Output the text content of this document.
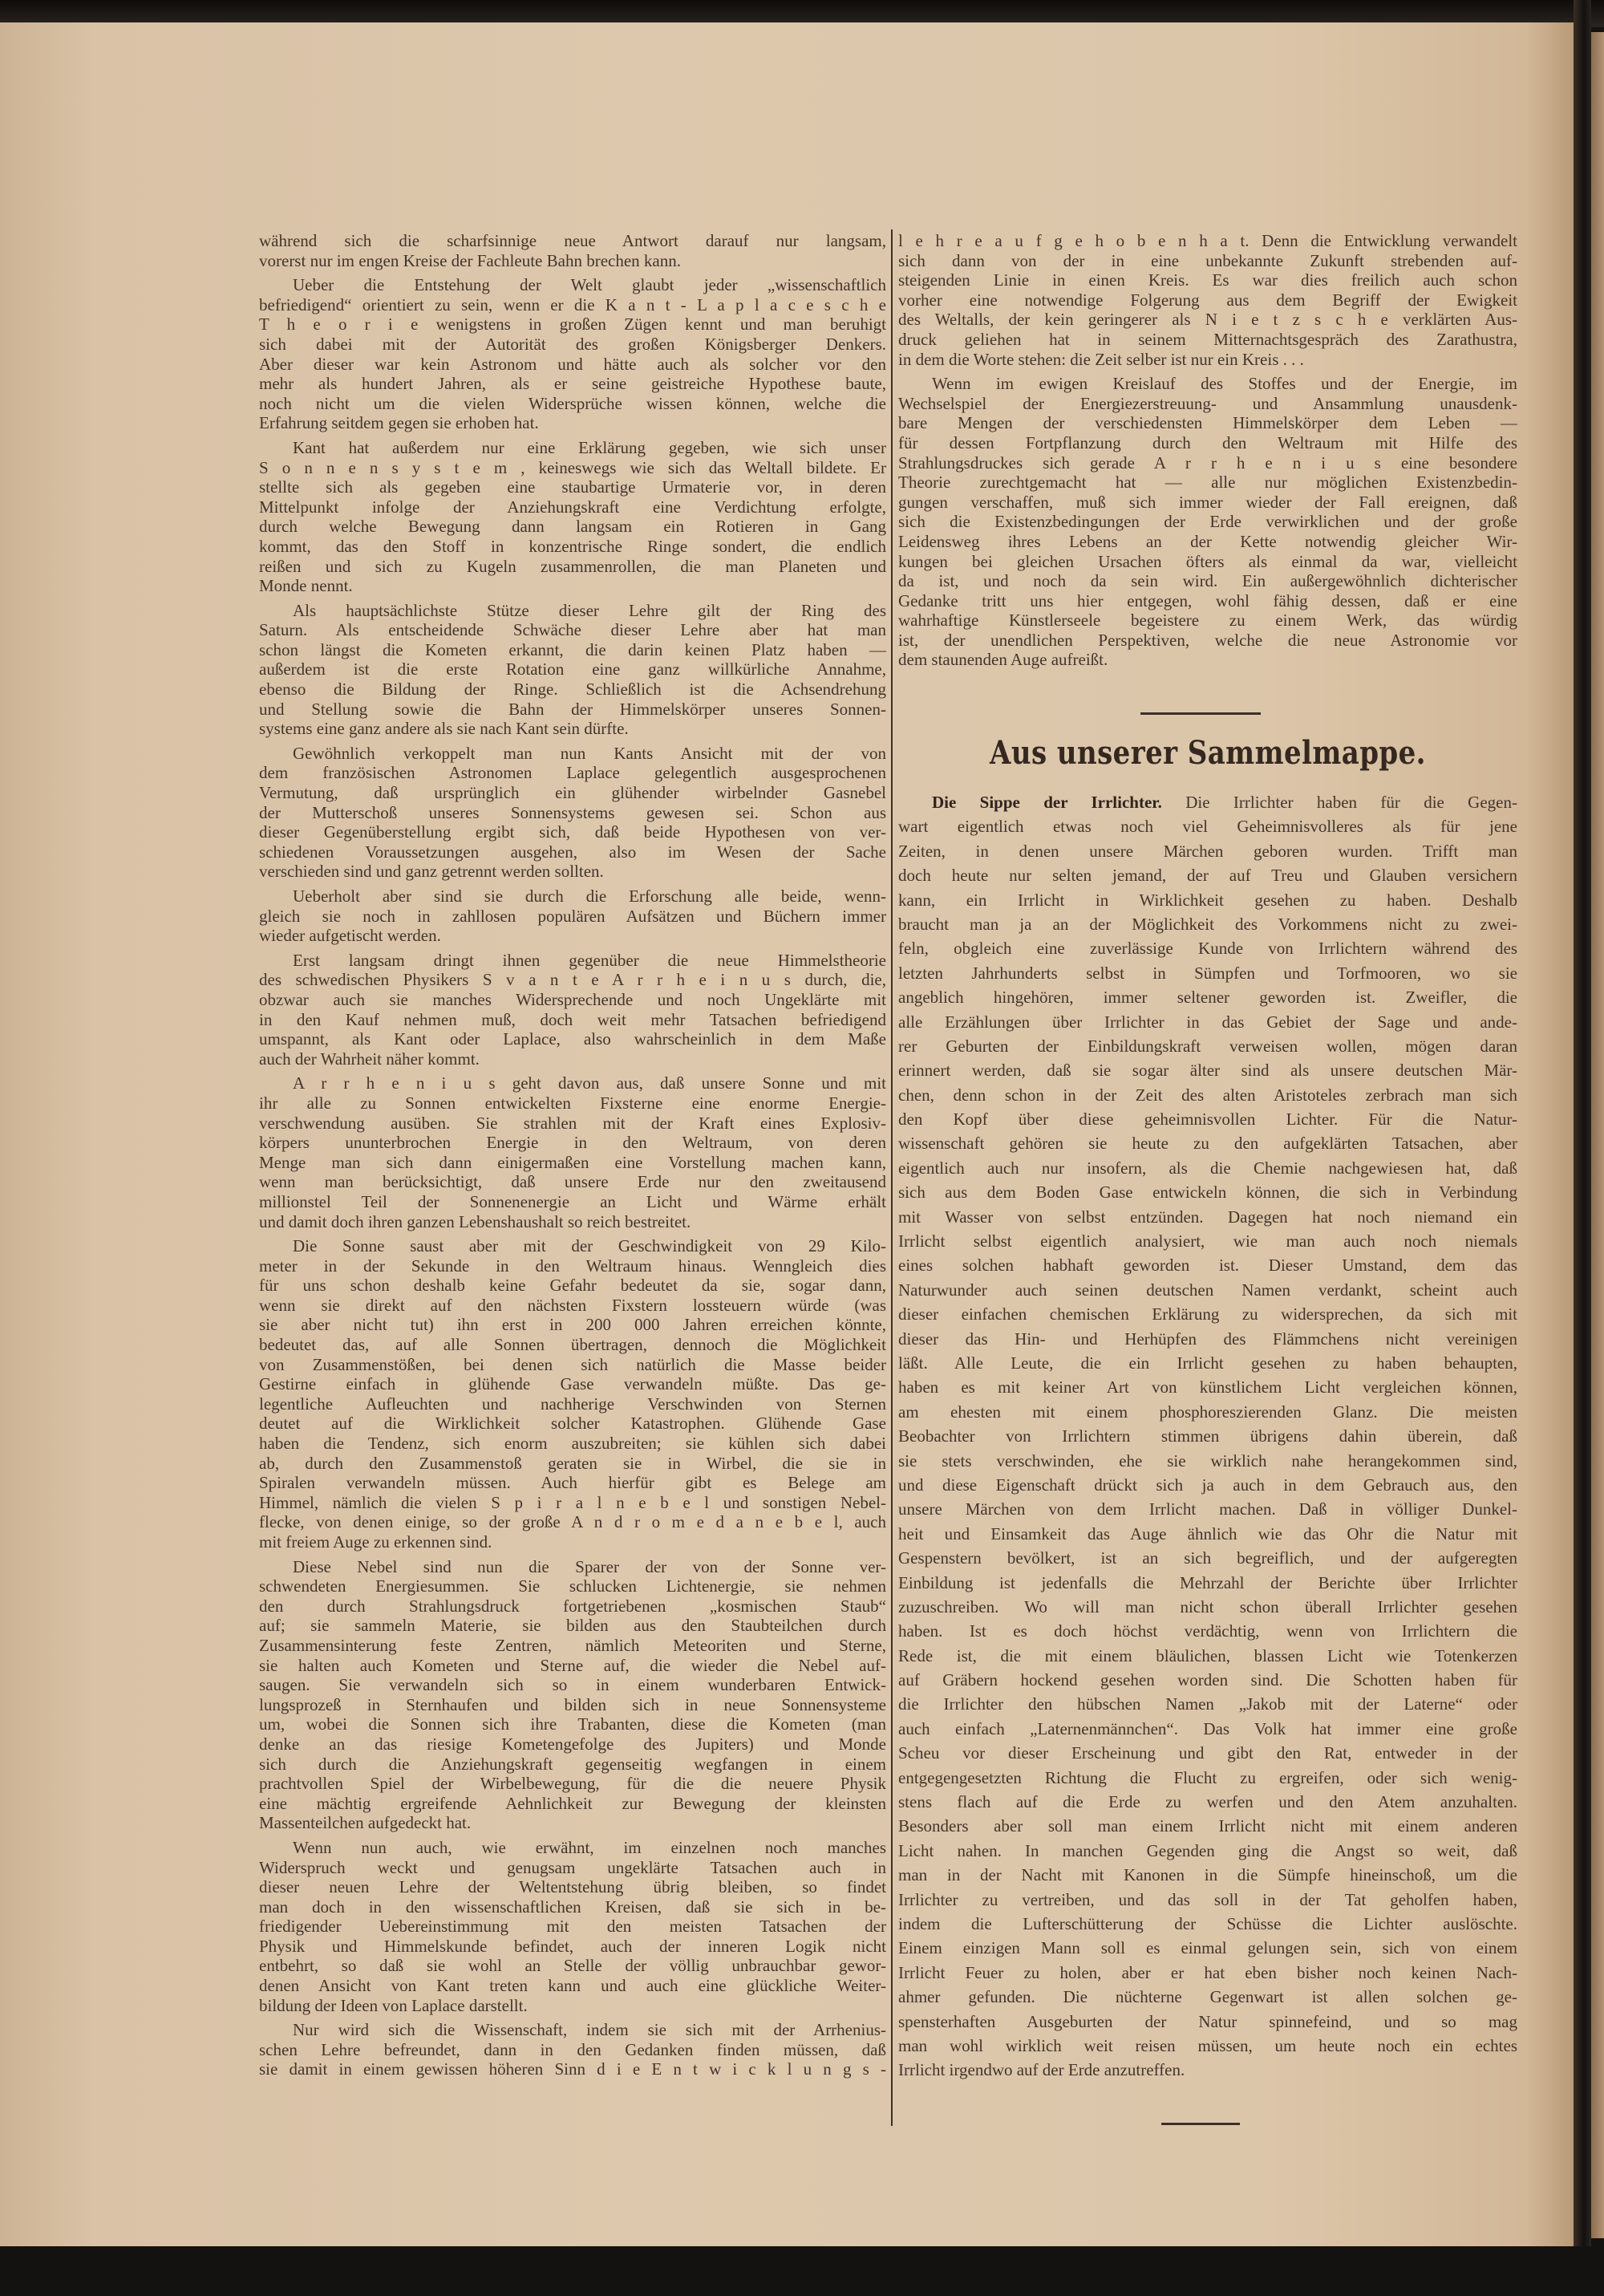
während sich die scharfsinnige neue Antwort darauf nur langsam,
vorerst nur im engen Kreise der Fachleute Bahn brechen kann.
Ueber die Entstehung der Welt glaubt jeder „wissenschaftlich
befriedigend“ orientiert zu sein, wenn er die K a n t - L a p l a c e s c h e
T h e o r i e wenigstens in großen Zügen kennt und man beruhigt
sich dabei mit der Autorität des großen Königsberger Denkers.
Aber dieser war kein Astronom und hätte auch als solcher vor den
mehr als hundert Jahren, als er seine geistreiche Hypothese baute,
noch nicht um die vielen Widersprüche wissen können, welche die
Erfahrung seitdem gegen sie erhoben hat.
Kant hat außerdem nur eine Erklärung gegeben, wie sich unser
S o n n e n s y s t e m , keineswegs wie sich das Weltall bildete. Er
stellte sich als gegeben eine staubartige Urmaterie vor, in deren
Mittelpunkt infolge der Anziehungskraft eine Verdichtung erfolgte,
durch welche Bewegung dann langsam ein Rotieren in Gang
kommt, das den Stoff in konzentrische Ringe sondert, die endlich
reißen und sich zu Kugeln zusammenrollen, die man Planeten und
Monde nennt.
Als hauptsächlichste Stütze dieser Lehre gilt der Ring des
Saturn. Als entscheidende Schwäche dieser Lehre aber hat man
schon längst die Kometen erkannt, die darin keinen Platz haben —
außerdem ist die erste Rotation eine ganz willkürliche Annahme,
ebenso die Bildung der Ringe. Schließlich ist die Achsendrehung
und Stellung sowie die Bahn der Himmelskörper unseres Sonnen-
systems eine ganz andere als sie nach Kant sein dürfte.
Gewöhnlich verkoppelt man nun Kants Ansicht mit der von
dem französischen Astronomen Laplace gelegentlich ausgesprochenen
Vermutung, daß ursprünglich ein glühender wirbelnder Gasnebel
der Mutterschoß unseres Sonnensystems gewesen sei. Schon aus
dieser Gegenüberstellung ergibt sich, daß beide Hypothesen von ver-
schiedenen Voraussetzungen ausgehen, also im Wesen der Sache
verschieden sind und ganz getrennt werden sollten.
Ueberholt aber sind sie durch die Erforschung alle beide, wenn-
gleich sie noch in zahllosen populären Aufsätzen und Büchern immer
wieder aufgetischt werden.
Erst langsam dringt ihnen gegenüber die neue Himmelstheorie
des schwedischen Physikers S v a n t e A r r h e i n u s durch, die,
obzwar auch sie manches Widersprechende und noch Ungeklärte mit
in den Kauf nehmen muß, doch weit mehr Tatsachen befriedigend
umspannt, als Kant oder Laplace, also wahrscheinlich in dem Maße
auch der Wahrheit näher kommt.
A r r h e n i u s geht davon aus, daß unsere Sonne und mit
ihr alle zu Sonnen entwickelten Fixsterne eine enorme Energie-
verschwendung ausüben. Sie strahlen mit der Kraft eines Explosiv-
körpers ununterbrochen Energie in den Weltraum, von deren
Menge man sich dann einigermaßen eine Vorstellung machen kann,
wenn man berücksichtigt, daß unsere Erde nur den zweitausend
millionstel Teil der Sonnenenergie an Licht und Wärme erhält
und damit doch ihren ganzen Lebenshaushalt so reich bestreitet.
Die Sonne saust aber mit der Geschwindigkeit von 29 Kilo-
meter in der Sekunde in den Weltraum hinaus. Wenngleich dies
für uns schon deshalb keine Gefahr bedeutet da sie, sogar dann,
wenn sie direkt auf den nächsten Fixstern lossteuern würde (was
sie aber nicht tut) ihn erst in 200 000 Jahren erreichen könnte,
bedeutet das, auf alle Sonnen übertragen, dennoch die Möglichkeit
von Zusammenstößen, bei denen sich natürlich die Masse beider
Gestirne einfach in glühende Gase verwandeln müßte. Das ge-
legentliche Aufleuchten und nachherige Verschwinden von Sternen
deutet auf die Wirklichkeit solcher Katastrophen. Glühende Gase
haben die Tendenz, sich enorm auszubreiten; sie kühlen sich dabei
ab, durch den Zusammenstoß geraten sie in Wirbel, die sie in
Spiralen verwandeln müssen. Auch hierfür gibt es Belege am
Himmel, nämlich die vielen S p i r a l n e b e l und sonstigen Nebel-
flecke, von denen einige, so der große A n d r o m e d a n e b e l, auch
mit freiem Auge zu erkennen sind.
Diese Nebel sind nun die Sparer der von der Sonne ver-
schwendeten Energiesummen. Sie schlucken Lichtenergie, sie nehmen
den durch Strahlungsdruck fortgetriebenen „kosmischen Staub“
auf; sie sammeln Materie, sie bilden aus den Staubteilchen durch
Zusammensinterung feste Zentren, nämlich Meteoriten und Sterne,
sie halten auch Kometen und Sterne auf, die wieder die Nebel auf-
saugen. Sie verwandeln sich so in einem wunderbaren Entwick-
lungsprozeß in Sternhaufen und bilden sich in neue Sonnensysteme
um, wobei die Sonnen sich ihre Trabanten, diese die Kometen (man
denke an das riesige Kometengefolge des Jupiters) und Monde
sich durch die Anziehungskraft gegenseitig wegfangen in einem
prachtvollen Spiel der Wirbelbewegung, für die die neuere Physik
eine mächtig ergreifende Aehnlichkeit zur Bewegung der kleinsten
Massenteilchen aufgedeckt hat.
Wenn nun auch, wie erwähnt, im einzelnen noch manches
Widerspruch weckt und genugsam ungeklärte Tatsachen auch in
dieser neuen Lehre der Weltentstehung übrig bleiben, so findet
man doch in den wissenschaftlichen Kreisen, daß sie sich in be-
friedigender Uebereinstimmung mit den meisten Tatsachen der
Physik und Himmelskunde befindet, auch der inneren Logik nicht
entbehrt, so daß sie wohl an Stelle der völlig unbrauchbar gewor-
denen Ansicht von Kant treten kann und auch eine glückliche Weiter-
bildung der Ideen von Laplace darstellt.
Nur wird sich die Wissenschaft, indem sie sich mit der Arrhenius-
schen Lehre befreundet, dann in den Gedanken finden müssen, daß
sie damit in einem gewissen höheren Sinn d i e E n t w i c k l u n g s -
l e h r e a u f g e h o b e n h a t. Denn die Entwicklung verwandelt
sich dann von der in eine unbekannte Zukunft strebenden auf-
steigenden Linie in einen Kreis. Es war dies freilich auch schon
vorher eine notwendige Folgerung aus dem Begriff der Ewigkeit
des Weltalls, der kein geringerer als N i e t z s c h e verklärten Aus-
druck geliehen hat in seinem Mitternachtsgespräch des Zarathustra,
in dem die Worte stehen: die Zeit selber ist nur ein Kreis . . .
Wenn im ewigen Kreislauf des Stoffes und der Energie, im
Wechselspiel der Energiezerstreuung- und Ansammlung unausdenk-
bare Mengen der verschiedensten Himmelskörper dem Leben —
für dessen Fortpflanzung durch den Weltraum mit Hilfe des
Strahlungsdruckes sich gerade A r r h e n i u s eine besondere
Theorie zurechtgemacht hat — alle nur möglichen Existenzbedin-
gungen verschaffen, muß sich immer wieder der Fall ereignen, daß
sich die Existenzbedingungen der Erde verwirklichen und der große
Leidensweg ihres Lebens an der Kette notwendig gleicher Wir-
kungen bei gleichen Ursachen öfters als einmal da war, vielleicht
da ist, und noch da sein wird. Ein außergewöhnlich dichterischer
Gedanke tritt uns hier entgegen, wohl fähig dessen, daß er eine
wahrhaftige Künstlerseele begeistere zu einem Werk, das würdig
ist, der unendlichen Perspektiven, welche die neue Astronomie vor
dem staunenden Auge aufreißt.
Aus unserer Sammelmappe.
Die Sippe der Irrlichter. Die Irrlichter haben für die Gegen-
wart eigentlich etwas noch viel Geheimnisvolleres als für jene
Zeiten, in denen unsere Märchen geboren wurden. Trifft man
doch heute nur selten jemand, der auf Treu und Glauben versichern
kann, ein Irrlicht in Wirklichkeit gesehen zu haben. Deshalb
braucht man ja an der Möglichkeit des Vorkommens nicht zu zwei-
feln, obgleich eine zuverlässige Kunde von Irrlichtern während des
letzten Jahrhunderts selbst in Sümpfen und Torfmooren, wo sie
angeblich hingehören, immer seltener geworden ist. Zweifler, die
alle Erzählungen über Irrlichter in das Gebiet der Sage und ande-
rer Geburten der Einbildungskraft verweisen wollen, mögen daran
erinnert werden, daß sie sogar älter sind als unsere deutschen Mär-
chen, denn schon in der Zeit des alten Aristoteles zerbrach man sich
den Kopf über diese geheimnisvollen Lichter. Für die Natur-
wissenschaft gehören sie heute zu den aufgeklärten Tatsachen, aber
eigentlich auch nur insofern, als die Chemie nachgewiesen hat, daß
sich aus dem Boden Gase entwickeln können, die sich in Verbindung
mit Wasser von selbst entzünden. Dagegen hat noch niemand ein
Irrlicht selbst eigentlich analysiert, wie man auch noch niemals
eines solchen habhaft geworden ist. Dieser Umstand, dem das
Naturwunder auch seinen deutschen Namen verdankt, scheint auch
dieser einfachen chemischen Erklärung zu widersprechen, da sich mit
dieser das Hin- und Herhüpfen des Flämmchens nicht vereinigen
läßt. Alle Leute, die ein Irrlicht gesehen zu haben behaupten,
haben es mit keiner Art von künstlichem Licht vergleichen können,
am ehesten mit einem phosphoreszierenden Glanz. Die meisten
Beobachter von Irrlichtern stimmen übrigens dahin überein, daß
sie stets verschwinden, ehe sie wirklich nahe herangekommen sind,
und diese Eigenschaft drückt sich ja auch in dem Gebrauch aus, den
unsere Märchen von dem Irrlicht machen. Daß in völliger Dunkel-
heit und Einsamkeit das Auge ähnlich wie das Ohr die Natur mit
Gespenstern bevölkert, ist an sich begreiflich, und der aufgeregten
Einbildung ist jedenfalls die Mehrzahl der Berichte über Irrlichter
zuzuschreiben. Wo will man nicht schon überall Irrlichter gesehen
haben. Ist es doch höchst verdächtig, wenn von Irrlichtern die
Rede ist, die mit einem bläulichen, blassen Licht wie Totenkerzen
auf Gräbern hockend gesehen worden sind. Die Schotten haben für
die Irrlichter den hübschen Namen „Jakob mit der Laterne“ oder
auch einfach „Laternenmännchen“. Das Volk hat immer eine große
Scheu vor dieser Erscheinung und gibt den Rat, entweder in der
entgegengesetzten Richtung die Flucht zu ergreifen, oder sich wenig-
stens flach auf die Erde zu werfen und den Atem anzuhalten.
Besonders aber soll man einem Irrlicht nicht mit einem anderen
Licht nahen. In manchen Gegenden ging die Angst so weit, daß
man in der Nacht mit Kanonen in die Sümpfe hineinschoß, um die
Irrlichter zu vertreiben, und das soll in der Tat geholfen haben,
indem die Lufterschütterung der Schüsse die Lichter auslöschte.
Einem einzigen Mann soll es einmal gelungen sein, sich von einem
Irrlicht Feuer zu holen, aber er hat eben bisher noch keinen Nach-
ahmer gefunden. Die nüchterne Gegenwart ist allen solchen ge-
spensterhaften Ausgeburten der Natur spinnefeind, und so mag
man wohl wirklich weit reisen müssen, um heute noch ein echtes
Irrlicht irgendwo auf der Erde anzutreffen.
